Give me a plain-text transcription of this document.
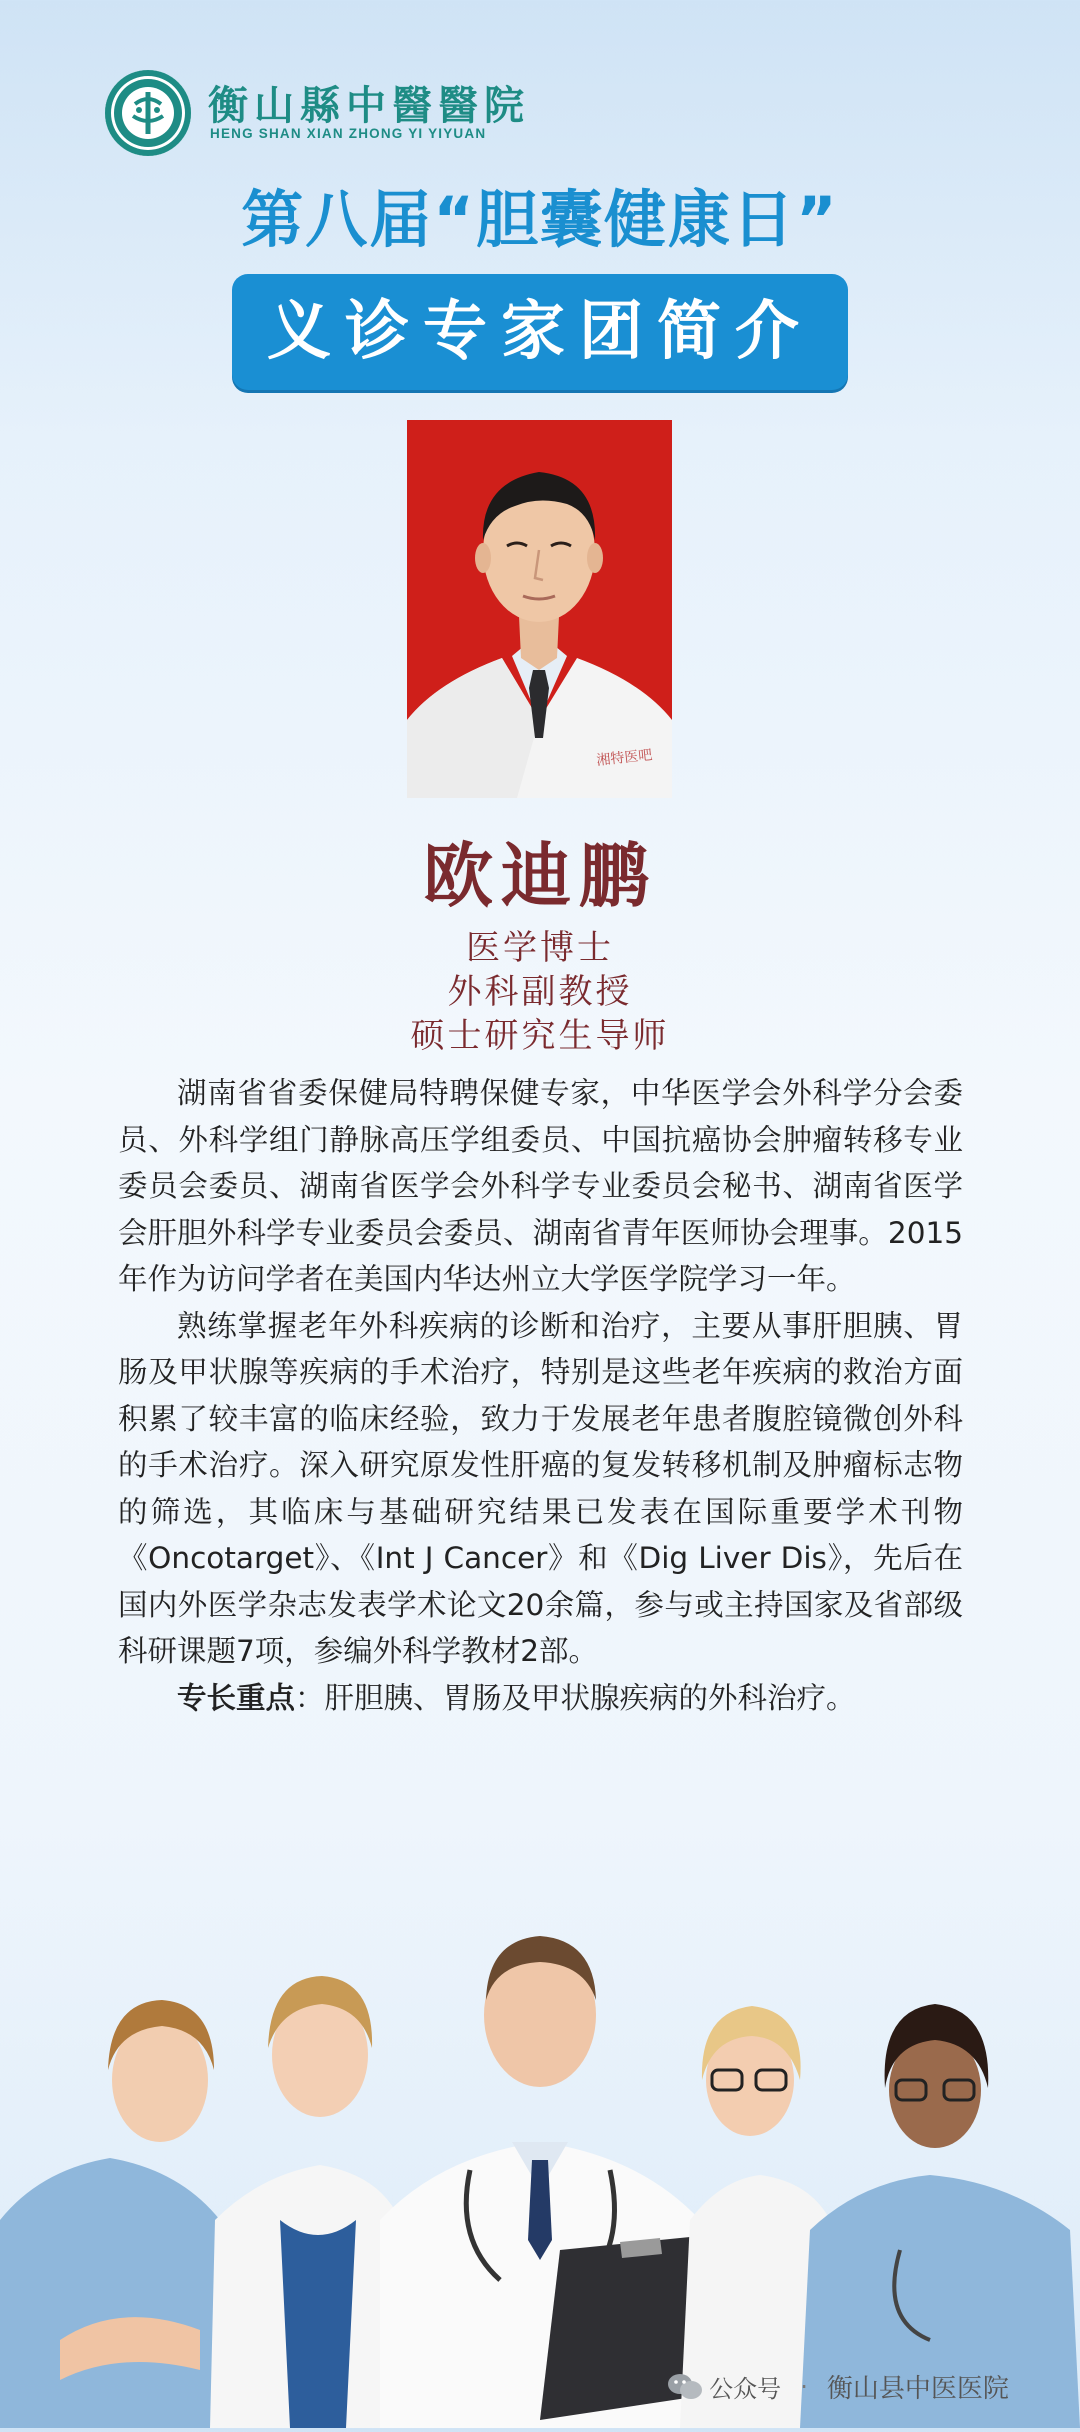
衡山縣中醫醫院
HENG SHAN XIAN ZHONG YI YIYUAN
第八届“胆囊健康日”
义诊专家团简介
湘特医吧
欧迪鹏
医学博士
外科副教授
硕士研究生导师

湖南省省委保健局特聘保健专家，中华医学会外科学分会委员、外科学组门静脉高压学组委员、中国抗癌协会肿瘤转移专业委员会委员、湖南省医学会外科学专业委员会秘书、湖南省医学会肝胆外科学专业委员会委员、湖南省青年医师协会理事。2015年作为访问学者在美国内华达州立大学医学院学习一年。

熟练掌握老年外科疾病的诊断和治疗，主要从事肝胆胰、胃肠及甲状腺等疾病的手术治疗，特别是这些老年疾病的救治方面积累了较丰富的临床经验，致力于发展老年患者腹腔镜微创外科的手术治疗。深入研究原发性肝癌的复发转移机制及肿瘤标志物的筛选，其临床与基础研究结果已发表在国际重要学术刊物《Oncotarget》、《Int J Cancer》和《Dig Liver Dis》，先后在国内外医学杂志发表学术论文20余篇，参与或主持国家及省部级科研课题7项，参编外科学教材2部。

专长重点：肝胆胰、胃肠及甲状腺疾病的外科治疗。

公众号 · 衡山县中医医院
